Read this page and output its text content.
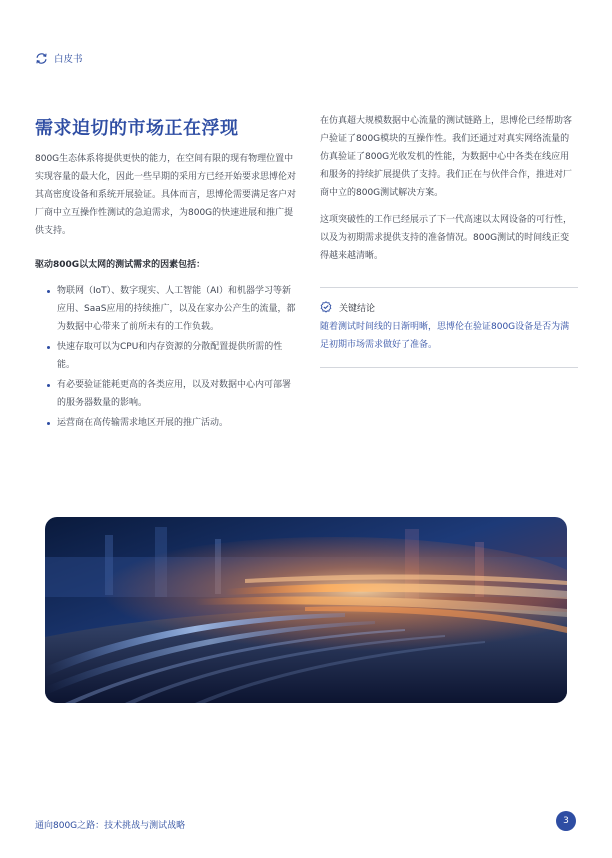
白皮书
需求迫切的市场正在浮现

800G生态体系将提供更快的能力，在空间有限的现有物理位置中实现容量的最大化，因此一些早期的采用方已经开始要求思博伦对其高密度设备和系统开展验证。具体而言，思博伦需要满足客户对厂商中立互操作性测试的急迫需求，为800G的快速进展和推广提供支持。

驱动800G以太网的测试需求的因素包括：

物联网（IoT）、数字现实、人工智能（AI）和机器学习等新应用、SaaS应用的持续推广，以及在家办公产生的流量，都为数据中心带来了前所未有的工作负载。
快速存取可以为CPU和内存资源的分散配置提供所需的性能。
有必要验证能耗更高的各类应用，以及对数据中心内可部署的服务器数量的影响。
运营商在高传输需求地区开展的推广活动。

在仿真超大规模数据中心流量的测试链路上，思博伦已经帮助客户验证了800G模块的互操作性。我们还通过对真实网络流量的仿真验证了800G光收发机的性能，为数据中心中各类在线应用和服务的持续扩展提供了支持。我们正在与伙伴合作，推进对厂商中立的800G测试解决方案。

这项突破性的工作已经展示了下一代高速以太网设备的可行性，以及为初期需求提供支持的准备情况。800G测试的时间线正变得越来越清晰。

关键结论

随着测试时间线的日渐明晰，思博伦在验证800G设备是否为满足初期市场需求做好了准备。

通向800G之路：技术挑战与测试战略	3
